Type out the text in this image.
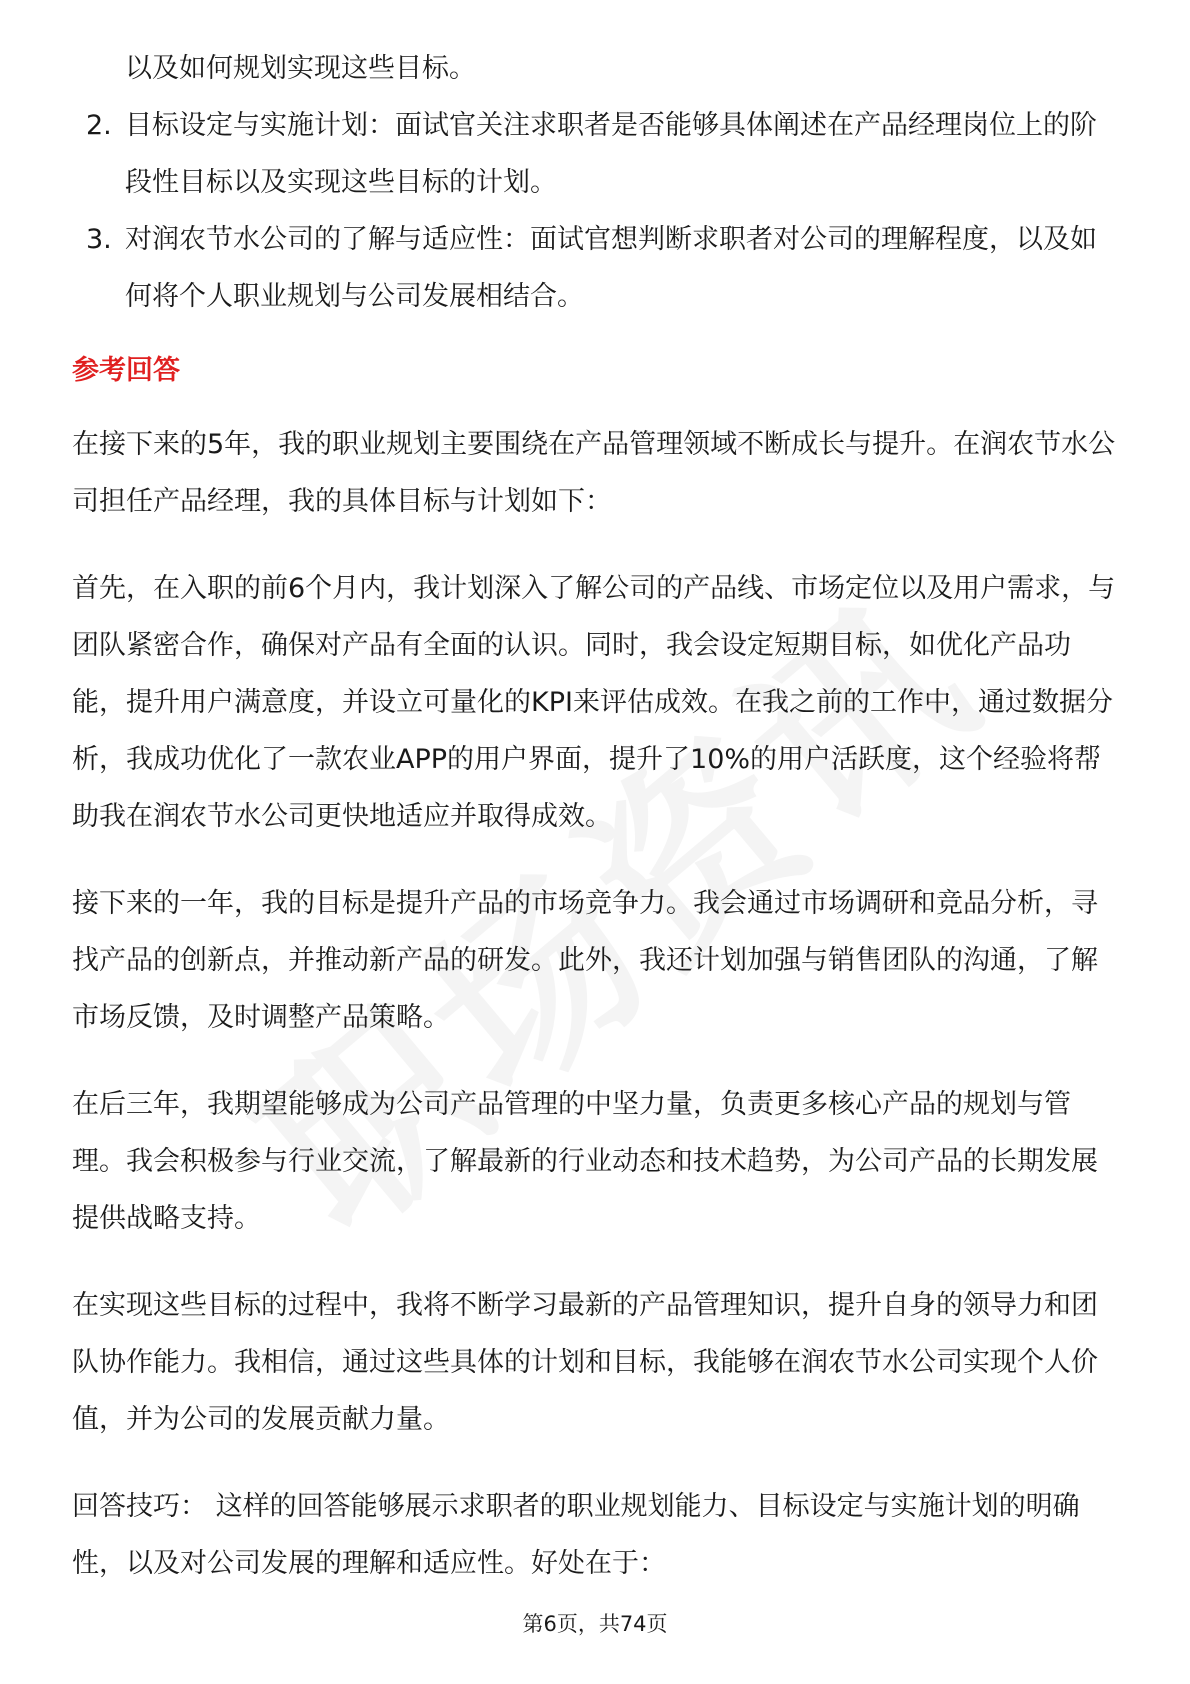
以及如何规划实现这些目标。
2. 目标设定与实施计划：面试官关注求职者是否能够具体阐述在产品经理岗位上的阶段性目标以及实现这些目标的计划。
3. 对润农节水公司的了解与适应性：面试官想判断求职者对公司的理解程度，以及如何将个人职业规划与公司发展相结合。
参考回答

在接下来的5年，我的职业规划主要围绕在产品管理领域不断成长与提升。在润农节水公司担任产品经理，我的具体目标与计划如下：

首先，在入职的前6个月内，我计划深入了解公司的产品线、市场定位以及用户需求，与团队紧密合作，确保对产品有全面的认识。同时，我会设定短期目标，如优化产品功能，提升用户满意度，并设立可量化的KPI来评估成效。在我之前的工作中，通过数据分析，我成功优化了一款农业APP的用户界面，提升了10%的用户活跃度，这个经验将帮助我在润农节水公司更快地适应并取得成效。

接下来的一年，我的目标是提升产品的市场竞争力。我会通过市场调研和竞品分析，寻找产品的创新点，并推动新产品的研发。此外，我还计划加强与销售团队的沟通，了解市场反馈，及时调整产品策略。

在后三年，我期望能够成为公司产品管理的中坚力量，负责更多核心产品的规划与管理。我会积极参与行业交流，了解最新的行业动态和技术趋势，为公司产品的长期发展提供战略支持。

在实现这些目标的过程中，我将不断学习最新的产品管理知识，提升自身的领导力和团队协作能力。我相信，通过这些具体的计划和目标，我能够在润农节水公司实现个人价值，并为公司的发展贡献力量。

回答技巧： 这样的回答能够展示求职者的职业规划能力、目标设定与实施计划的明确性，以及对公司发展的理解和适应性。好处在于：

第6页，共74页
